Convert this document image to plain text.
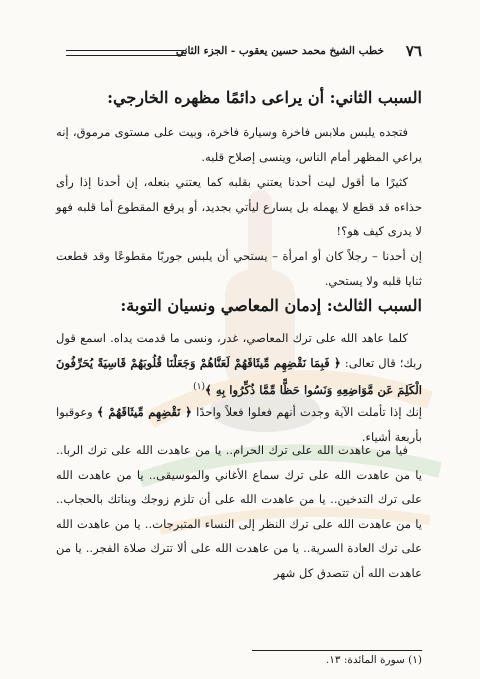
٧٦
خطب الشيخ محمد حسين يعقوب - الجزء الثاني
السبب الثاني: أن يراعى دائمًا مظهره الخارجي:
فتجده يلبس ملابس فاخرة وسيارة فاخرة، وبيت على مستوى مرموق، إنه يراعي المظهر أمام الناس، وينسى إصلاح قلبه.
كثيرًا ما أقول ليت أحدنا يعتني بقلبه كما يعتني بنعله، إن أحدنا إذا رأى حذاءه قد قطع لا يهمله بل يسارع ليأتي بجديد، أو يرقع المقطوع أما قلبه فهو لا يدرى كيف هو؟!
إن أحدنا – رجلاً كان أو امرأة – يستحي أن يلبس جوربًا مقطوعًا وقد قطعت ثنايا قلبه ولا يستحي.
السبب الثالث: إدمان المعاصي ونسيان التوبة:
كلما عاهد الله على ترك المعاصي، غدر، ونسى ما قدمت يداه. اسمع قول ربك؛ قال تعالى: ﴿ فَبِمَا نَقْضِهِم مِّيثَاقَهُمْ لَعَنَّاهُمْ وَجَعَلْنَا قُلُوبَهُمْ قَاسِيَةً يُحَرِّفُونَ الْكَلِمَ عَن مَّوَاضِعِهِ وَنَسُوا حَظًّا مِّمَّا ذُكِّرُوا بِهِ ﴾$^{(١)}$
إنك إذا تأملت الآية وجدت أنهم فعلوا فعلاً واحدًا ﴿ نَقْضِهِم مِّيثَاقَهُمْ ﴾ وعوقبوا بأربعة أشياء.
فيا من عاهدت الله على ترك الحرام.. يا من عاهدت الله على ترك الربا.. يا من عاهدت الله على ترك سماع الأغاني والموسيقى.. يا من عاهدت الله على ترك التدخين.. يا من عاهدت الله على أن تلزم زوجك وبناتك بالحجاب.. يا من عاهدت الله على ترك النظر إلى النساء المتبرجات.. يا من عاهدت الله على ترك العادة السرية.. يا من عاهدت الله على ألا تترك صلاة الفجر.. يا من عاهدت الله أن تتصدق كل شهر
(١) سورة المائدة: ١٣.
